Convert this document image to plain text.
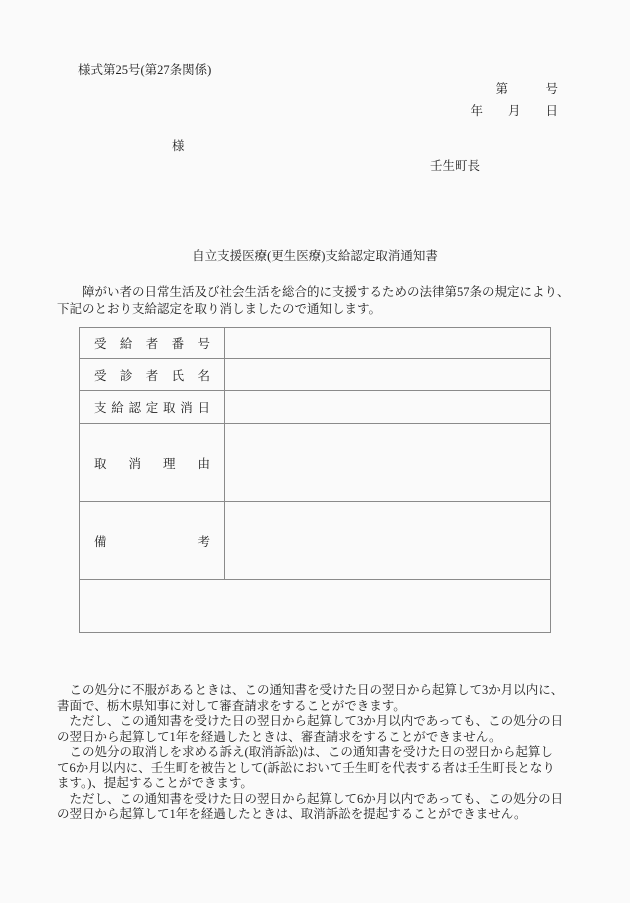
様式第25号(第27条関係)
第　　　号
年　　月　　日
様
壬生町長
自立支援医療(更生医療)支給認定取消通知書
　　障がい者の日常生活及び社会生活を総合的に支援するための法律第57条の規定により、
下記のとおり支給認定を取り消しましたので通知します。
受給者番号	
受診者氏名	
支給認定取消日	
取消理由	
備考	

　この処分に不服があるときは、この通知書を受けた日の翌日から起算して3か月以内に、
書面で、栃木県知事に対して審査請求をすることができます。
　ただし、この通知書を受けた日の翌日から起算して3か月以内であっても、この処分の日
の翌日から起算して1年を経過したときは、審査請求をすることができません。
　この処分の取消しを求める訴え(取消訴訟)は、この通知書を受けた日の翌日から起算し
て6か月以内に、壬生町を被告として(訴訟において壬生町を代表する者は壬生町長となり
ます。)、提起することができます。
　ただし、この通知書を受けた日の翌日から起算して6か月以内であっても、この処分の日
の翌日から起算して1年を経過したときは、取消訴訟を提起することができません。
